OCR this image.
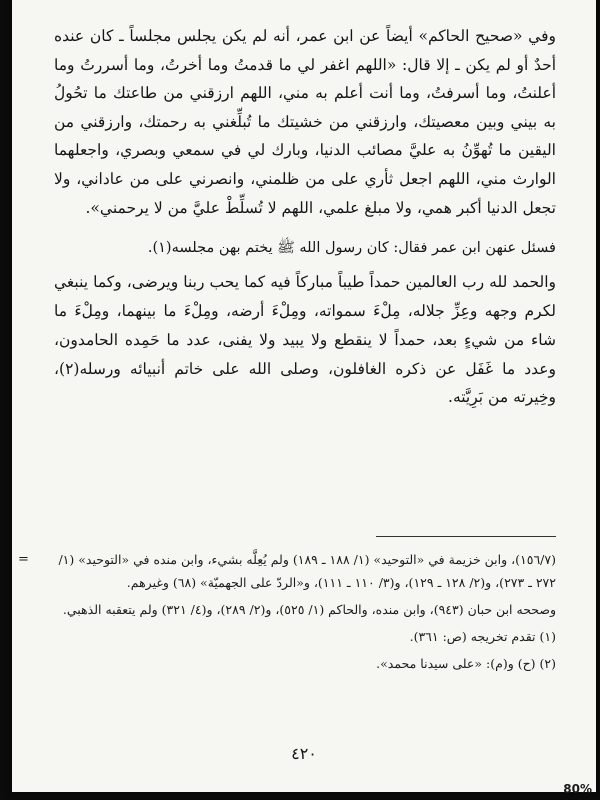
وفي «صحيح الحاكم» أيضاً عن ابن عمر، أنه لم يكن يجلس مجلساً ـ كان عنده أحدٌ أو لم يكن ـ إلا قال: «اللهم اغفر لي ما قدمتُ وما أخرتُ، وما أسررتُ وما أعلنتُ، وما أسرفتُ، وما أنت أعلم به مني، اللهم ارزقني من طاعتك ما تحُولُ به بيني وبين معصيتك، وارزقني من خشيتك ما تُبلِّغني به رحمتك، وارزقني من اليقين ما تُهوِّنُ به عليَّ مصائب الدنيا، وبارك لي في سمعي وبصري، واجعلهما الوارث مني، اللهم اجعل ثأري على من ظلمني، وانصرني على من عاداني، ولا تجعل الدنيا أكبر همي، ولا مبلغ علمي، اللهم لا تُسلِّطْ عليَّ من لا يرحمني».

فسئل عنهن ابن عمر فقال: كان رسول الله ﷺ يختم بهن مجلسه(١).

والحمد لله رب العالمين حمداً طيباً مباركاً فيه كما يحب ربنا ويرضى، وكما ينبغي لكرم وجهه وعِزِّ جلاله، مِلْءَ سمواته، ومِلْءَ أرضه، ومِلْءَ ما بينهما، ومِلْءَ ما شاء من شيءٍ بعد، حمداً لا ينقطع ولا يبيد ولا يفنى، عدد ما حَمِده الحامدون، وعدد ما غَفَل عن ذكره الغافلون، وصلى الله على خاتم أنبيائه ورسله(٢)، وخِيرته من بَرِيَّته.

=	(١٥٦/٧)، وابن خزيمة في «التوحيد» (١/ ١٨٨ ـ ١٨٩) ولم يُعِلَّه بشيء، وابن منده في «التوحيد» (١/ ٢٧٢ ـ ٢٧٣)، و(٢/ ١٢٨ ـ ١٢٩)، و(٣/ ١١٠ ـ ١١١)، و«الردّ على الجهميّة» (٦٨) وغيرهم.

وصححه ابن حبان (٩٤٣)، وابن منده، والحاكم (١/ ٥٢٥)، و(٢/ ٢٨٩)، و(٤/ ٣٢١) ولم يتعقبه الذهبي.

(١) تقدم تخريجه (ص: ٣٦١).

(٢) (ح) و(م): «على سيدنا محمد».

٤٢٠
80%
